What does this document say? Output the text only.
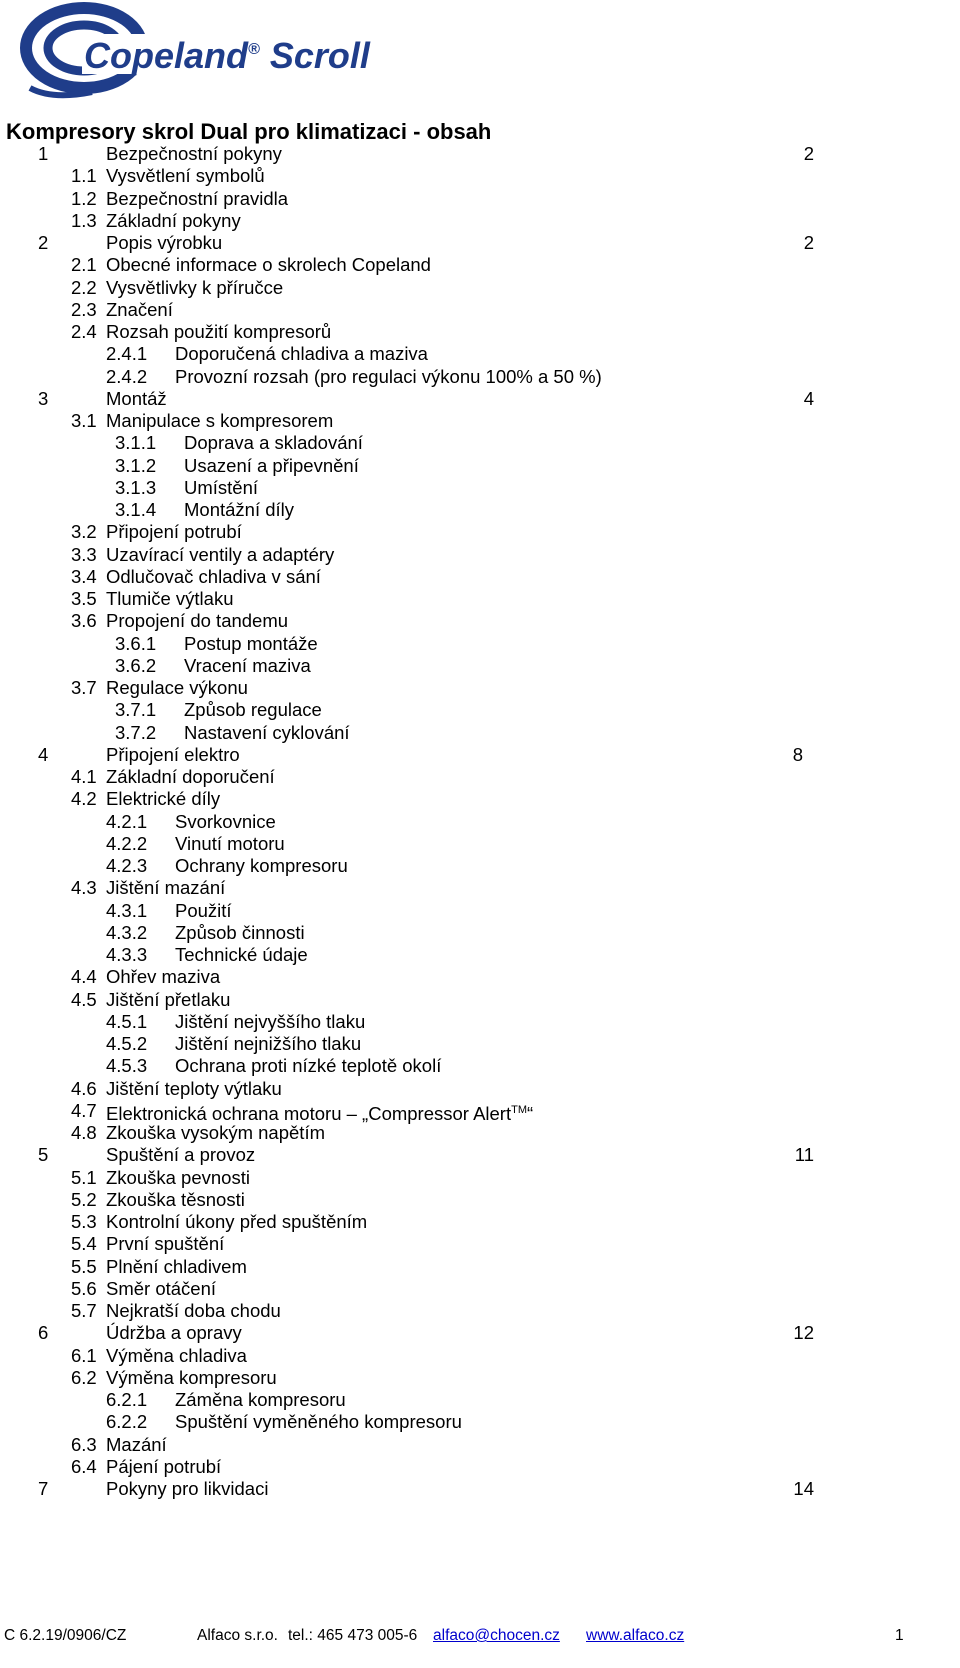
Copeland® Scroll
Kompresory skrol Dual pro klimatizaci - obsah
1	Bezpečnostní pokyny	2
1.1 Vysvětlení symbolů
1.2 Bezpečnostní pravidla
1.3 Základní pokyny
2	Popis výrobku	2
2.1 Obecné informace o skrolech Copeland
2.2 Vysvětlivky k příručce
2.3 Značení
2.4 Rozsah použití kompresorů
2.4.1 Doporučená chladiva a maziva
2.4.2 Provozní rozsah (pro regulaci výkonu 100% a 50 %)
3	Montáž	4
3.1 Manipulace s kompresorem
3.1.1 Doprava a skladování
3.1.2 Usazení a připevnění
3.1.3 Umístění
3.1.4 Montážní díly
3.2 Připojení potrubí
3.3 Uzavírací ventily a adaptéry
3.4 Odlučovač chladiva v sání
3.5 Tlumiče výtlaku
3.6 Propojení do tandemu
3.6.1 Postup montáže
3.6.2 Vracení maziva
3.7 Regulace výkonu
3.7.1 Způsob regulace
3.7.2 Nastavení cyklování
4	Připojení elektro	8
4.1 Základní doporučení
4.2 Elektrické díly
4.2.1 Svorkovnice
4.2.2 Vinutí motoru
4.2.3 Ochrany kompresoru
4.3 Jištění mazání
4.3.1 Použití
4.3.2 Způsob činnosti
4.3.3 Technické údaje
4.4 Ohřev maziva
4.5 Jištění přetlaku
4.5.1 Jištění nejvyššího tlaku
4.5.2 Jištění nejnižšího tlaku
4.5.3 Ochrana proti nízké teplotě okolí
4.6 Jištění teploty výtlaku
4.7 Elektronická ochrana motoru – „Compressor Alert™“
4.8 Zkouška vysokým napětím
5	Spuštění a provoz	11
5.1 Zkouška pevnosti
5.2 Zkouška těsnosti
5.3 Kontrolní úkony před spuštěním
5.4 První spuštění
5.5 Plnění chladivem
5.6 Směr otáčení
5.7 Nejkratší doba chodu
6	Údržba a opravy	12
6.1 Výměna chladiva
6.2 Výměna kompresoru
6.2.1 Záměna kompresoru
6.2.2 Spuštění vyměněného kompresoru
6.3 Mazání
6.4 Pájení potrubí
7	Pokyny pro likvidaci	14
C 6.2.19/0906/CZ	Alfaco s.r.o. tel.: 465 473 005-6 alfaco@chocen.cz www.alfaco.cz	1
